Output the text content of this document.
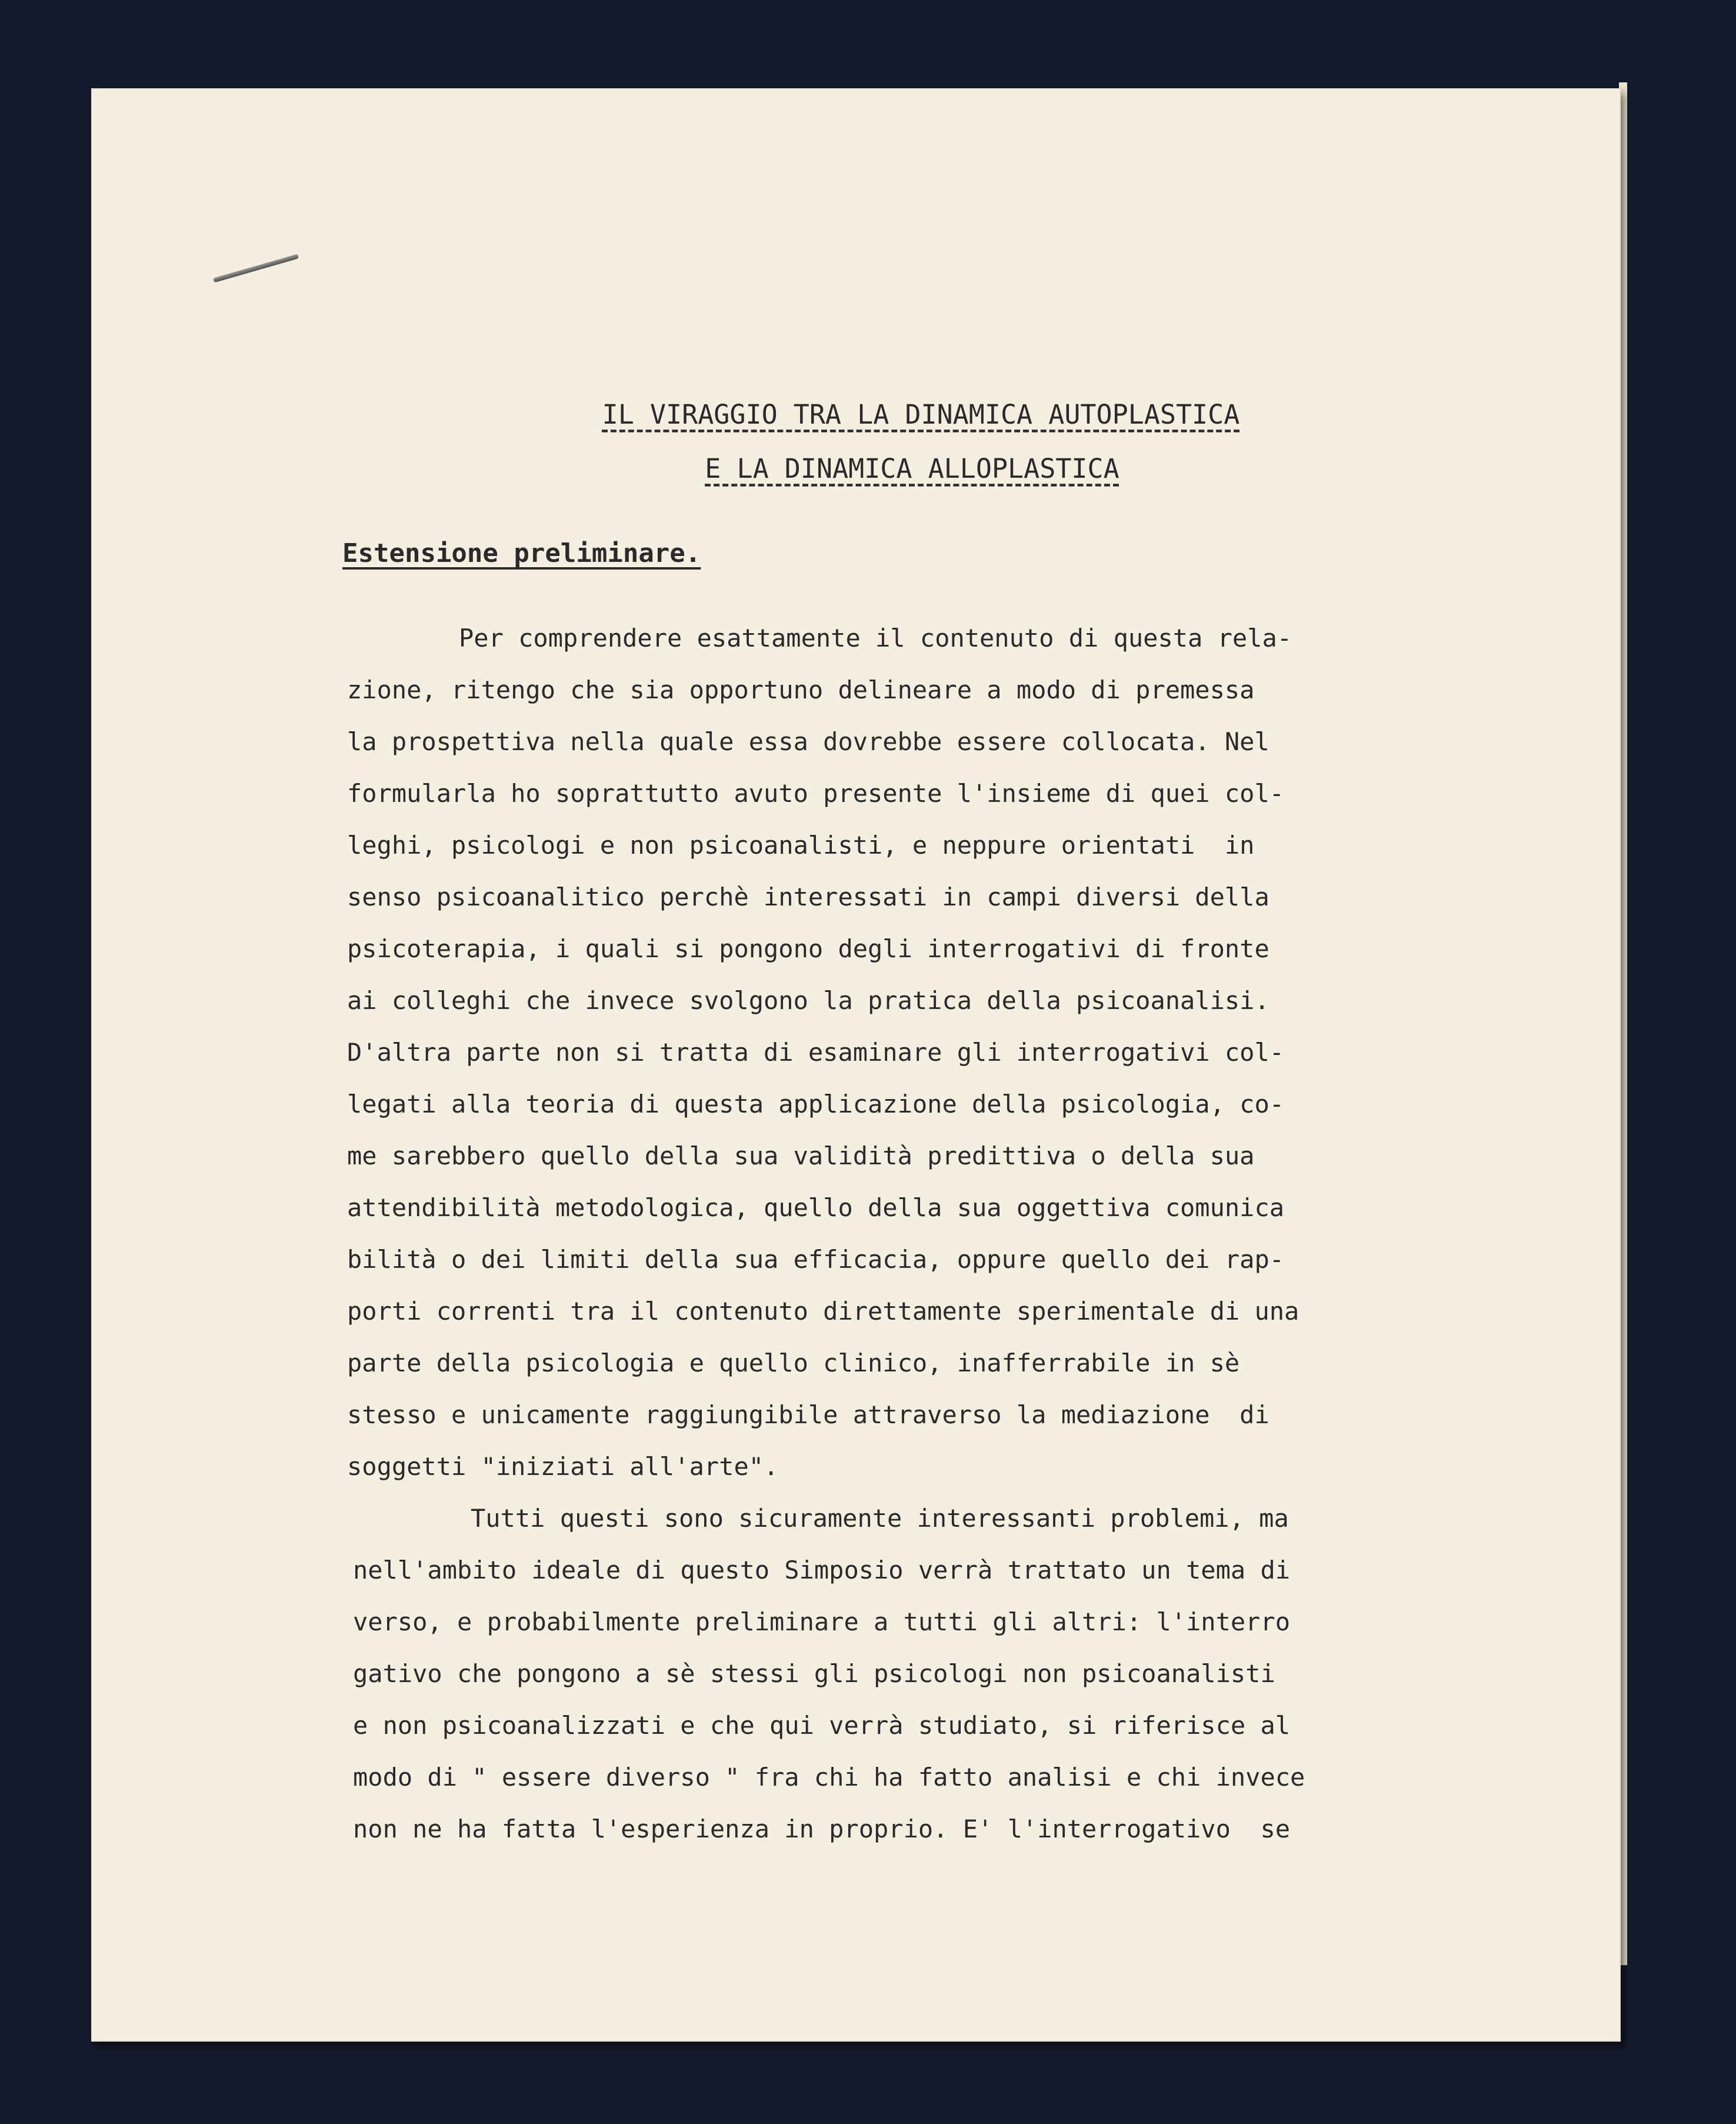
IL VIRAGGIO TRA LA DINAMICA AUTOPLASTICA
E LA DINAMICA ALLOPLASTICA
Estensione preliminare.
Per comprendere esattamente il contenuto di questa rela-
zione, ritengo che sia opportuno delineare a modo di premessa
la prospettiva nella quale essa dovrebbe essere collocata. Nel
formularla ho soprattutto avuto presente l'insieme di quei col-
leghi, psicologi e non psicoanalisti, e neppure orientati  in
senso psicoanalitico perchè interessati in campi diversi della
psicoterapia, i quali si pongono degli interrogativi di fronte
ai colleghi che invece svolgono la pratica della psicoanalisi.
D'altra parte non si tratta di esaminare gli interrogativi col-
legati alla teoria di questa applicazione della psicologia, co-
me sarebbero quello della sua validità predittiva o della sua
attendibilità metodologica, quello della sua oggettiva comunica
bilità o dei limiti della sua efficacia, oppure quello dei rap-
porti correnti tra il contenuto direttamente sperimentale di una
parte della psicologia e quello clinico, inafferrabile in sè
stesso e unicamente raggiungibile attraverso la mediazione  di
soggetti "iniziati all'arte".
Tutti questi sono sicuramente interessanti problemi, ma
nell'ambito ideale di questo Simposio verrà trattato un tema di
verso, e probabilmente preliminare a tutti gli altri: l'interro
gativo che pongono a sè stessi gli psicologi non psicoanalisti
e non psicoanalizzati e che qui verrà studiato, si riferisce al
modo di " essere diverso " fra chi ha fatto analisi e chi invece
non ne ha fatta l'esperienza in proprio. E' l'interrogativo  se
